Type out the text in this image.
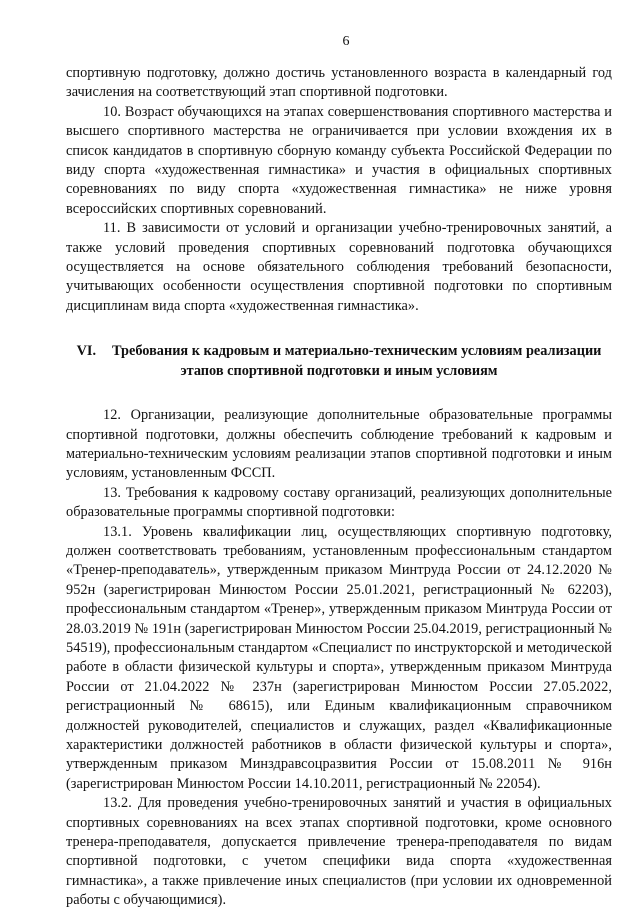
6

спортивную подготовку, должно достичь установленного возраста в календарный год зачисления на соответствующий этап спортивной подготовки.

10. Возраст обучающихся на этапах совершенствования спортивного мастерства и высшего спортивного мастерства не ограничивается при условии вхождения их в список кандидатов в спортивную сборную команду субъекта Российской Федерации по виду спорта «художественная гимнастика» и участия в официальных спортивных соревнованиях по виду спорта «художественная гимнастика» не ниже уровня всероссийских спортивных соревнований.

11. В зависимости от условий и организации учебно-тренировочных занятий, а также условий проведения спортивных соревнований подготовка обучающихся осуществляется на основе обязательного соблюдения требований безопасности, учитывающих особенности осуществления спортивной подготовки по спортивным дисциплинам вида спорта «художественная гимнастика».

VI. Требования к кадровым и материально-техническим условиям реализации этапов спортивной подготовки и иным условиям

12. Организации, реализующие дополнительные образовательные программы спортивной подготовки, должны обеспечить соблюдение требований к кадровым и материально-техническим условиям реализации этапов спортивной подготовки и иным условиям, установленным ФССП.

13. Требования к кадровому составу организаций, реализующих дополнительные образовательные программы спортивной подготовки:

13.1. Уровень квалификации лиц, осуществляющих спортивную подготовку, должен соответствовать требованиям, установленным профессиональным стандартом «Тренер-преподаватель», утвержденным приказом Минтруда России от 24.12.2020 № 952н (зарегистрирован Минюстом России 25.01.2021, регистрационный № 62203), профессиональным стандартом «Тренер», утвержденным приказом Минтруда России от 28.03.2019 № 191н (зарегистрирован Минюстом России 25.04.2019, регистрационный № 54519), профессиональным стандартом «Специалист по инструкторской и методической работе в области физической культуры и спорта», утвержденным приказом Минтруда России от 21.04.2022 № 237н (зарегистрирован Минюстом России 27.05.2022, регистрационный № 68615), или Единым квалификационным справочником должностей руководителей, специалистов и служащих, раздел «Квалификационные характеристики должностей работников в области физической культуры и спорта», утвержденным приказом Минздравсоцразвития России от 15.08.2011 № 916н (зарегистрирован Минюстом России 14.10.2011, регистрационный № 22054).

13.2. Для проведения учебно-тренировочных занятий и участия в официальных спортивных соревнованиях на всех этапах спортивной подготовки, кроме основного тренера-преподавателя, допускается привлечение тренера-преподавателя по видам спортивной подготовки, с учетом специфики вида спорта «художественная гимнастика», а также привлечение иных специалистов (при условии их одновременной работы с обучающимися).
